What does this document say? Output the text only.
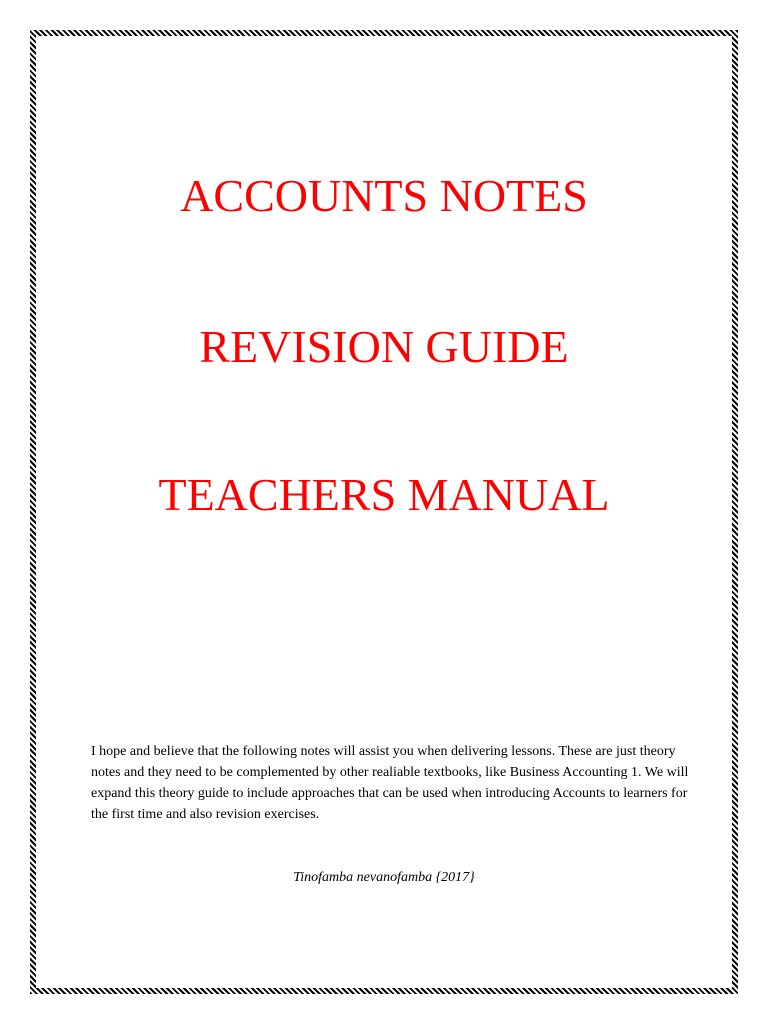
ACCOUNTS NOTES
REVISION GUIDE
TEACHERS MANUAL

I hope and believe that the following notes will assist you when delivering lessons. These are just theory notes and they need to be complemented by other realiable textbooks, like Business Accounting 1. We will expand this theory guide to include approaches that can be used when introducing Accounts to learners for the first time and also revision exercises.

Tinofamba nevanofamba {2017}
